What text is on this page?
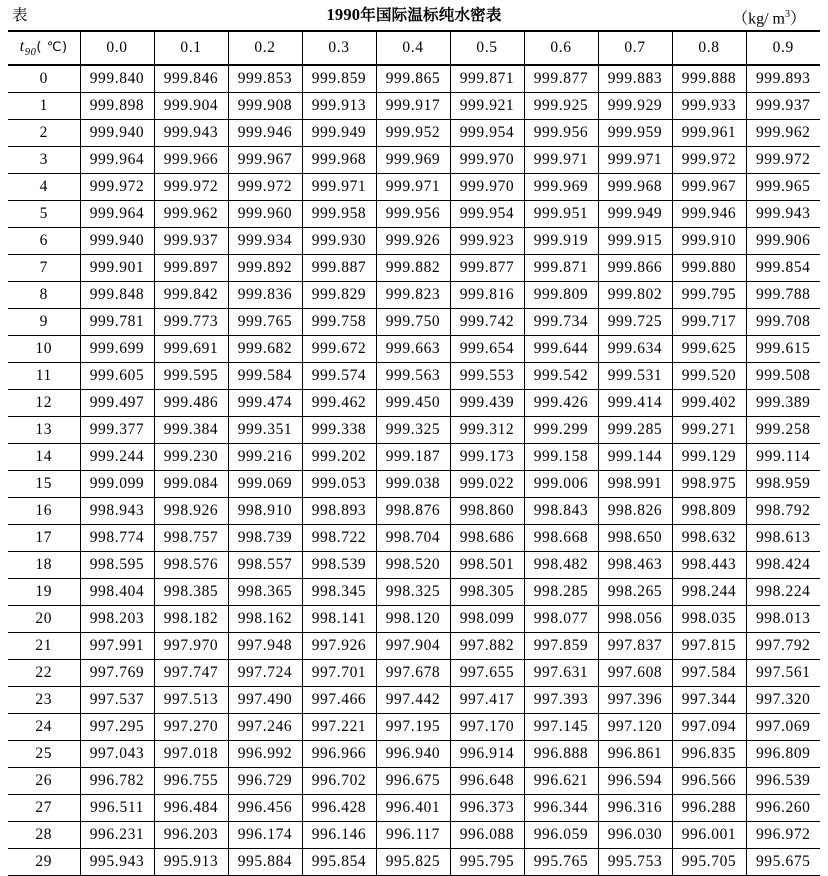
表	1990年国际温标纯水密表	（kg/ $m^3$）
$t_{90}$( ℃)	0.0	0.1	0.2	0.3	0.4	0.5	0.6	0.7	0.8	0.9
0	999.840	999.846	999.853	999.859	999.865	999.871	999.877	999.883	999.888	999.893
1	999.898	999.904	999.908	999.913	999.917	999.921	999.925	999.929	999.933	999.937
2	999.940	999.943	999.946	999.949	999.952	999.954	999.956	999.959	999.961	999.962
3	999.964	999.966	999.967	999.968	999.969	999.970	999.971	999.971	999.972	999.972
4	999.972	999.972	999.972	999.971	999.971	999.970	999.969	999.968	999.967	999.965
5	999.964	999.962	999.960	999.958	999.956	999.954	999.951	999.949	999.946	999.943
6	999.940	999.937	999.934	999.930	999.926	999.923	999.919	999.915	999.910	999.906
7	999.901	999.897	999.892	999.887	999.882	999.877	999.871	999.866	999.880	999.854
8	999.848	999.842	999.836	999.829	999.823	999.816	999.809	999.802	999.795	999.788
9	999.781	999.773	999.765	999.758	999.750	999.742	999.734	999.725	999.717	999.708
10	999.699	999.691	999.682	999.672	999.663	999.654	999.644	999.634	999.625	999.615
11	999.605	999.595	999.584	999.574	999.563	999.553	999.542	999.531	999.520	999.508
12	999.497	999.486	999.474	999.462	999.450	999.439	999.426	999.414	999.402	999.389
13	999.377	999.384	999.351	999.338	999.325	999.312	999.299	999.285	999.271	999.258
14	999.244	999.230	999.216	999.202	999.187	999.173	999.158	999.144	999.129	999.114
15	999.099	999.084	999.069	999.053	999.038	999.022	999.006	998.991	998.975	998.959
16	998.943	998.926	998.910	998.893	998.876	998.860	998.843	998.826	998.809	998.792
17	998.774	998.757	998.739	998.722	998.704	998.686	998.668	998.650	998.632	998.613
18	998.595	998.576	998.557	998.539	998.520	998.501	998.482	998.463	998.443	998.424
19	998.404	998.385	998.365	998.345	998.325	998.305	998.285	998.265	998.244	998.224
20	998.203	998.182	998.162	998.141	998.120	998.099	998.077	998.056	998.035	998.013
21	997.991	997.970	997.948	997.926	997.904	997.882	997.859	997.837	997.815	997.792
22	997.769	997.747	997.724	997.701	997.678	997.655	997.631	997.608	997.584	997.561
23	997.537	997.513	997.490	997.466	997.442	997.417	997.393	997.396	997.344	997.320
24	997.295	997.270	997.246	997.221	997.195	997.170	997.145	997.120	997.094	997.069
25	997.043	997.018	996.992	996.966	996.940	996.914	996.888	996.861	996.835	996.809
26	996.782	996.755	996.729	996.702	996.675	996.648	996.621	996.594	996.566	996.539
27	996.511	996.484	996.456	996.428	996.401	996.373	996.344	996.316	996.288	996.260
28	996.231	996.203	996.174	996.146	996.117	996.088	996.059	996.030	996.001	996.972
29	995.943	995.913	995.884	995.854	995.825	995.795	995.765	995.753	995.705	995.675
